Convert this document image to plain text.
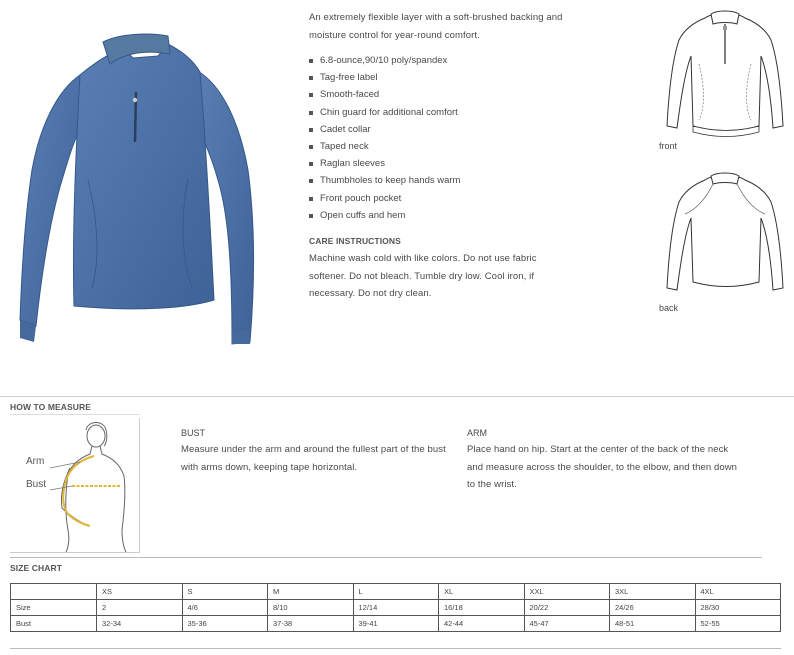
An extremely flexible layer with a soft-brushed backing and
moisture control for year-round comfort.
6.8-ounce,90/10 poly/spandex
Tag-free label
Smooth-faced
Chin guard for additional comfort
Cadet collar
Taped neck
Raglan sleeves
Thumbholes to keep hands warm
Front pouch pocket
Open cuffs and hem
CARE INSTRUCTIONS
Machine wash cold with like colors. Do not use fabric
softener. Do not bleach. Tumble dry low. Cool iron, if
necessary. Do not dry clean.
front
back
HOW TO MEASURE
Arm
Bust
BUST
Measure under the arm and around the fullest part of the bust
with arms down, keeping tape horizontal.
ARM
Place hand on hip. Start at the center of the back of the neck
and measure across the shoulder, to the elbow, and then down
to the wrist.
SIZE CHART
	XS	S	M	L	XL	XXL	3XL	4XL
Size	2	4/6	8/10	12/14	16/18	20/22	24/26	28/30
Bust	32-34	35-36	37-38	39-41	42-44	45-47	48-51	52-55
